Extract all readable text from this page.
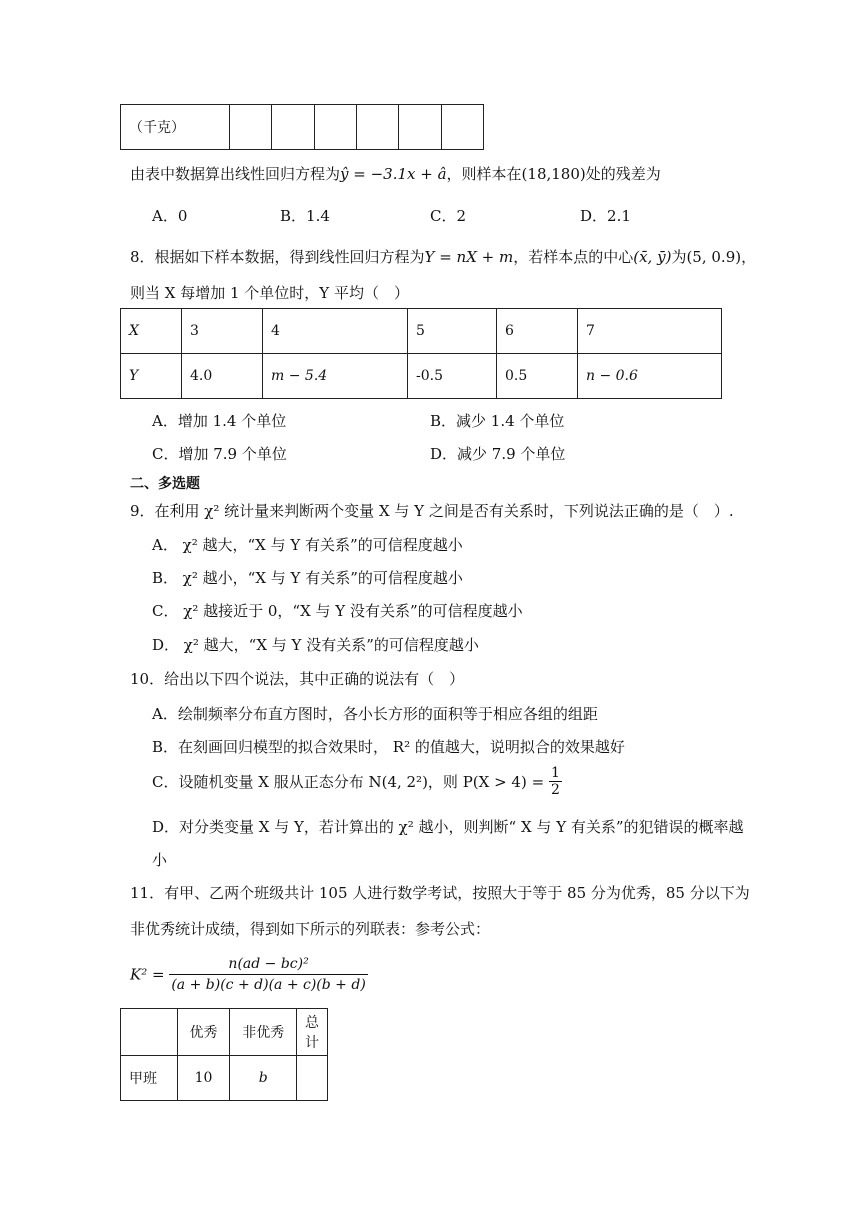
（千克）						
由表中数据算出线性回归方程为ŷ = −3.1x + â，则样本在(18,180)处的残差为
A．0	B．1.4	C．2	D．2.1
8．根据如下样本数据，得到线性回归方程为Y = nX + m，若样本点的中心(x̄, ȳ)为(5, 0.9)，
则当 X 每增加 1 个单位时，Y 平均（　）
X	3	4	5	6	7
Y	4.0	m − 5.4	-0.5	0.5	n − 0.6
A．增加 1.4 个单位	B．减少 1.4 个单位
C．增加 7.9 个单位	D．减少 7.9 个单位
二、多选题
9．在利用 χ² 统计量来判断两个变量 X 与 Y 之间是否有关系时，下列说法正确的是（　）.
A． χ² 越大，“X 与 Y 有关系”的可信程度越小
B． χ² 越小，“X 与 Y 有关系”的可信程度越小
C． χ² 越接近于 0，“X 与 Y 没有关系”的可信程度越小
D． χ² 越大，“X 与 Y 没有关系”的可信程度越小
10．给出以下四个说法，其中正确的说法有（　）
A．绘制频率分布直方图时，各小长方形的面积等于相应各组的组距
B．在刻画回归模型的拟合效果时， R² 的值越大，说明拟合的效果越好
C．设随机变量 X 服从正态分布 N(4, 2²)，则 $P(X > 4) = \frac{1}{2}$
D．对分类变量 X 与 Y，若计算出的 χ² 越小，则判断“ X 与 Y 有关系”的犯错误的概率越
小
11．有甲、乙两个班级共计 105 人进行数学考试，按照大于等于 85 分为优秀，85 分以下为
非优秀统计成绩，得到如下所示的列联表：参考公式：
$K^2 = \frac{\text{n(ad − bc)²}}{(a + b)(c + d)(a + c)(b + d)}$
	优秀	非优秀	总计
甲班	10	b	
